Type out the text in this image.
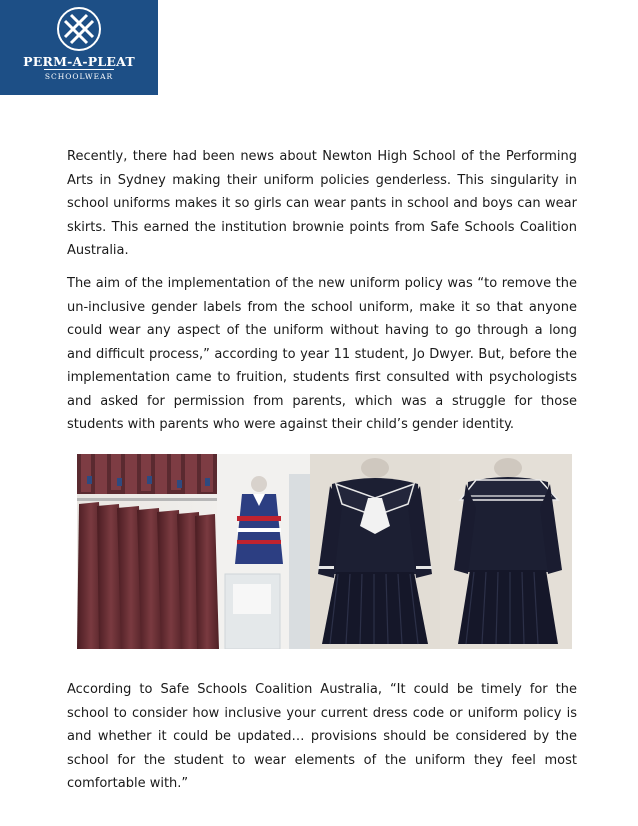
PERM-A-PLEAT
SCHOOLWEAR

Recently, there had been news about Newton High School of the Performing Arts in Sydney making their uniform policies genderless. This singularity in school uniforms makes it so girls can wear pants in school and boys can wear skirts. This earned the institution brownie points from Safe Schools Coalition Australia.

The aim of the implementation of the new uniform policy was “to remove the un-inclusive gender labels from the school uniform, make it so that anyone could wear any aspect of the uniform without having to go through a long and difficult process,” according to year 11 student, Jo Dwyer. But, before the implementation came to fruition, students first consulted with psychologists and asked for permission from parents, which was a struggle for those students with parents who were against their child’s gender identity.

According to Safe Schools Coalition Australia, “It could be timely for the school to consider how inclusive your current dress code or uniform policy is and whether it could be updated… provisions should be considered by the school for the student to wear elements of the uniform they feel most comfortable with.”
